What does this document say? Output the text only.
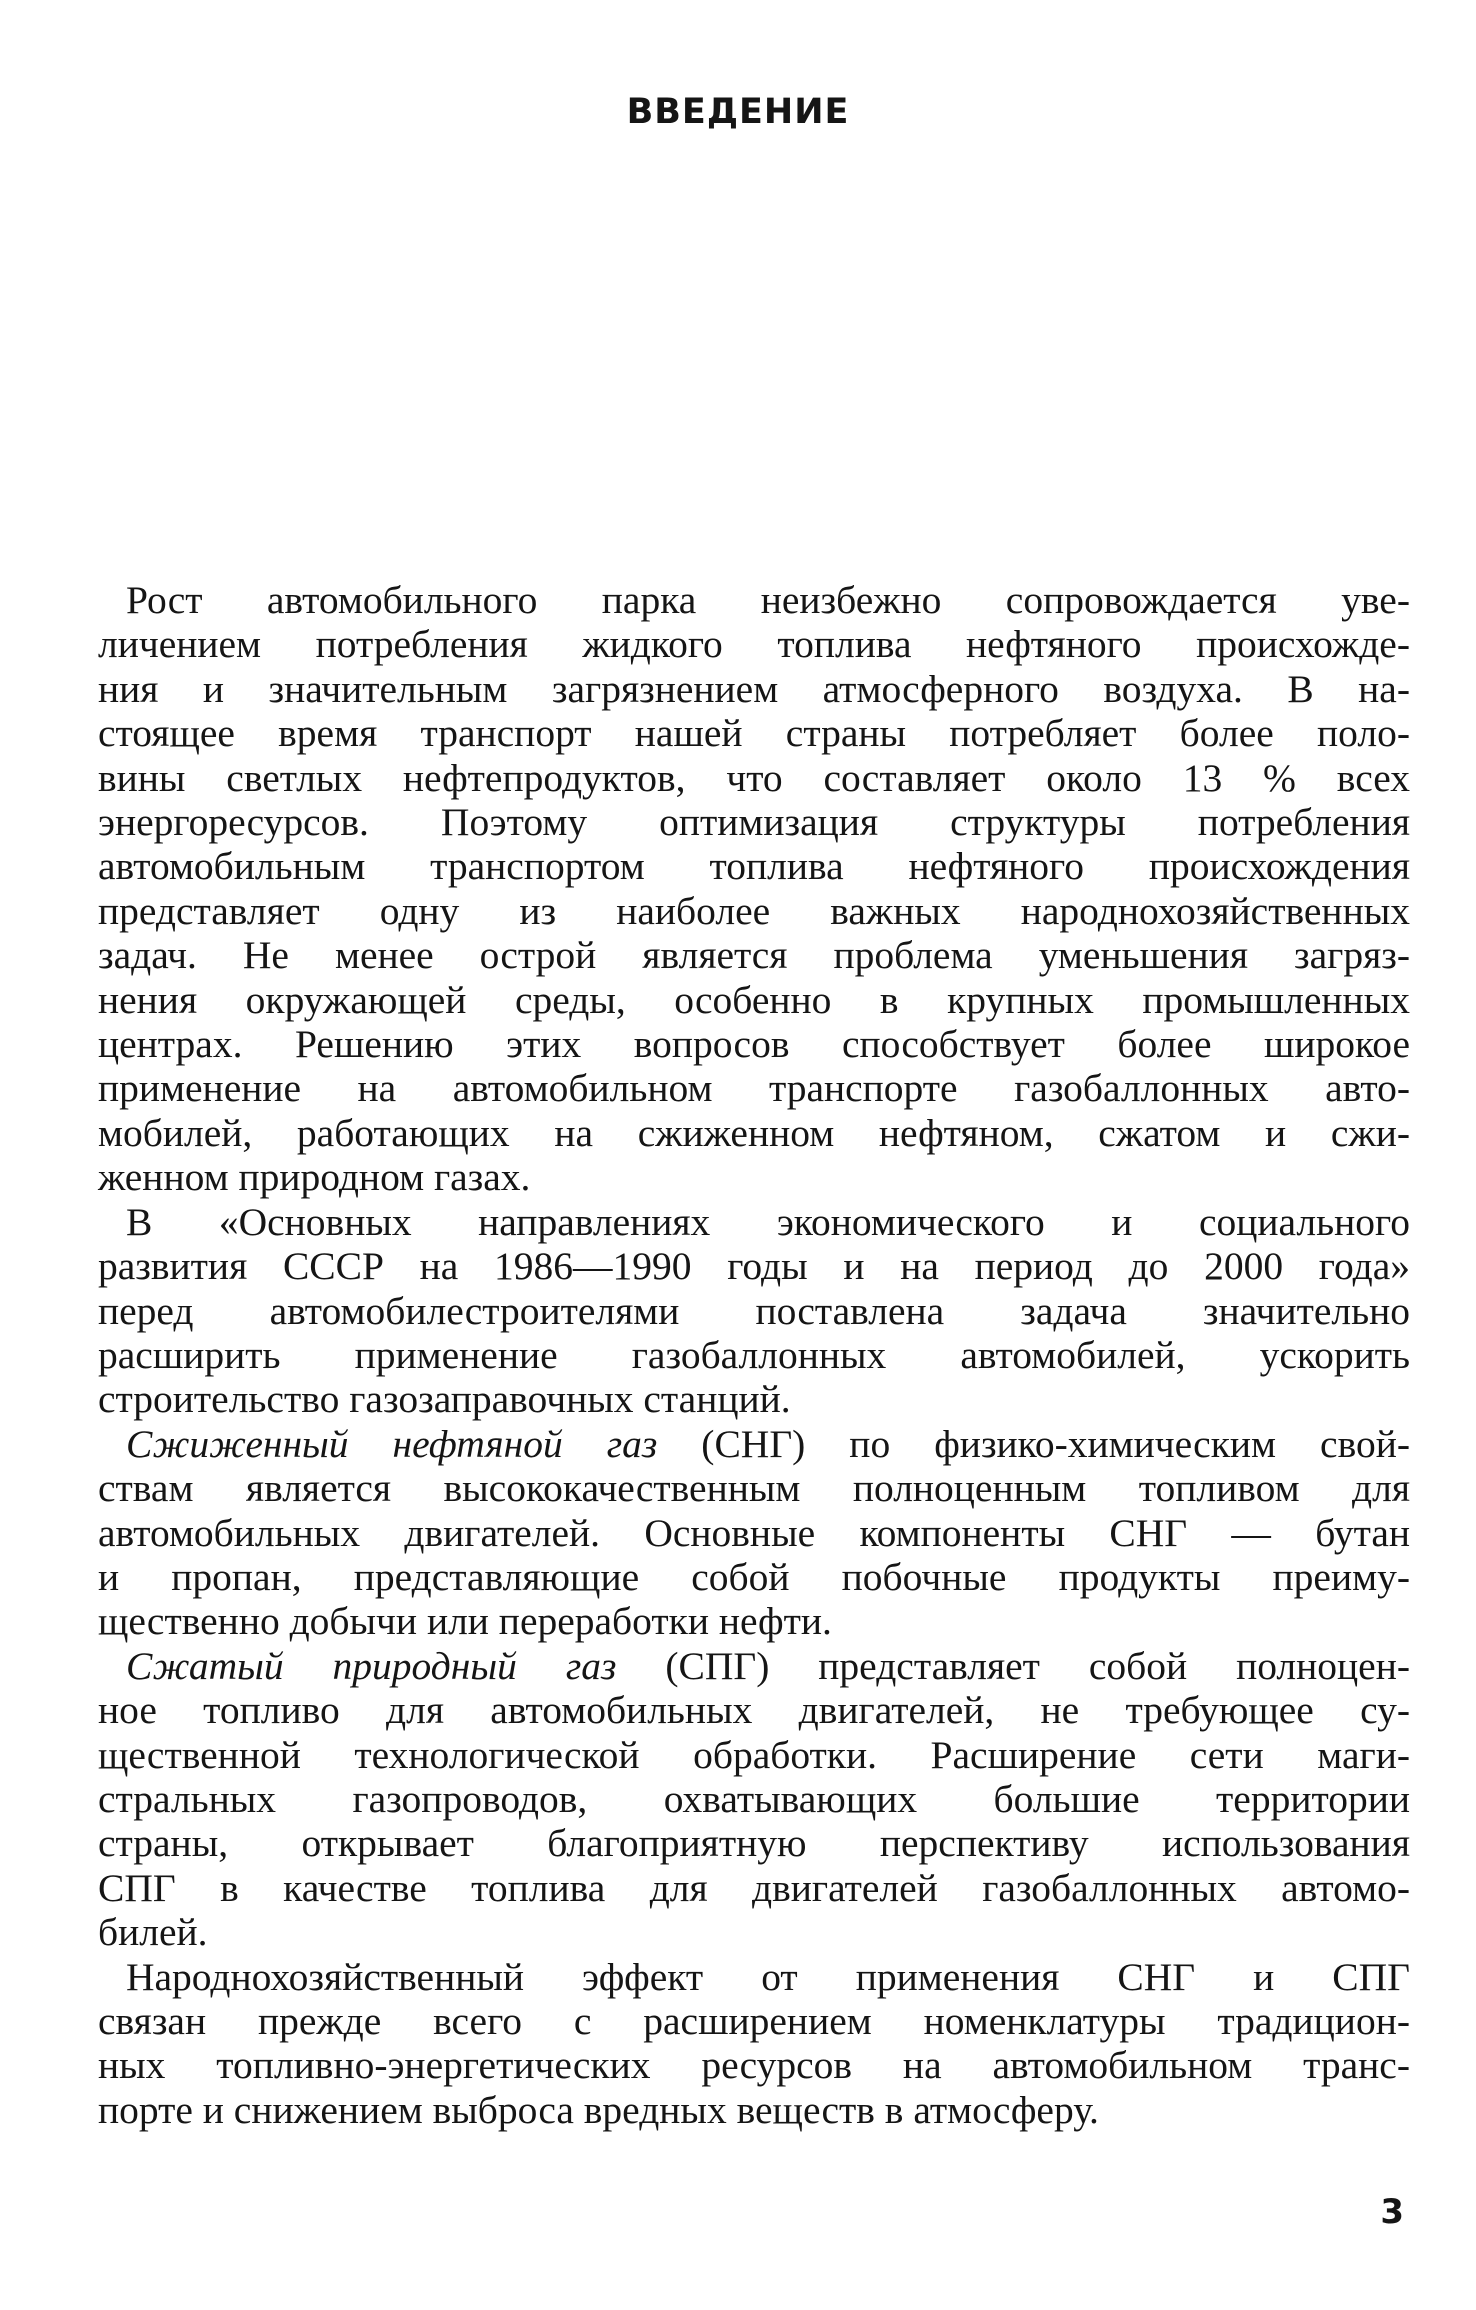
ВВЕДЕНИЕ

Рост автомобильного парка неизбежно сопровождается уве-
личением потребления жидкого топлива нефтяного происхожде-
ния и значительным загрязнением атмосферного воздуха. В на-
стоящее время транспорт нашей страны потребляет более поло-
вины светлых нефтепродуктов, что составляет около 13 % всех
энергоресурсов. Поэтому оптимизация структуры потребления
автомобильным транспортом топлива нефтяного происхождения
представляет одну из наиболее важных народнохозяйственных
задач. Не менее острой является проблема уменьшения загряз-
нения окружающей среды, особенно в крупных промышленных
центрах. Решению этих вопросов способствует более широкое
применение на автомобильном транспорте газобаллонных авто-
мобилей, работающих на сжиженном нефтяном, сжатом и сжи-
женном природном газах.

В «Основных направлениях экономического и социального
развития СССР на 1986—1990 годы и на период до 2000 года»
перед автомобилестроителями поставлена задача значительно
расширить применение газобаллонных автомобилей, ускорить
строительство газозаправочных станций.

Сжиженный нефтяной газ (СНГ) по физико-химическим свой-
ствам является высококачественным полноценным топливом для
автомобильных двигателей. Основные компоненты СНГ — бутан
и пропан, представляющие собой побочные продукты преиму-
щественно добычи или переработки нефти.

Сжатый природный газ (СПГ) представляет собой полноцен-
ное топливо для автомобильных двигателей, не требующее су-
щественной технологической обработки. Расширение сети маги-
стральных газопроводов, охватывающих большие территории
страны, открывает благоприятную перспективу использования
СПГ в качестве топлива для двигателей газобаллонных автомо-
билей.

Народнохозяйственный эффект от применения СНГ и СПГ
связан прежде всего с расширением номенклатуры традицион-
ных топливно-энергетических ресурсов на автомобильном транс-
порте и снижением выброса вредных веществ в атмосферу.

3
